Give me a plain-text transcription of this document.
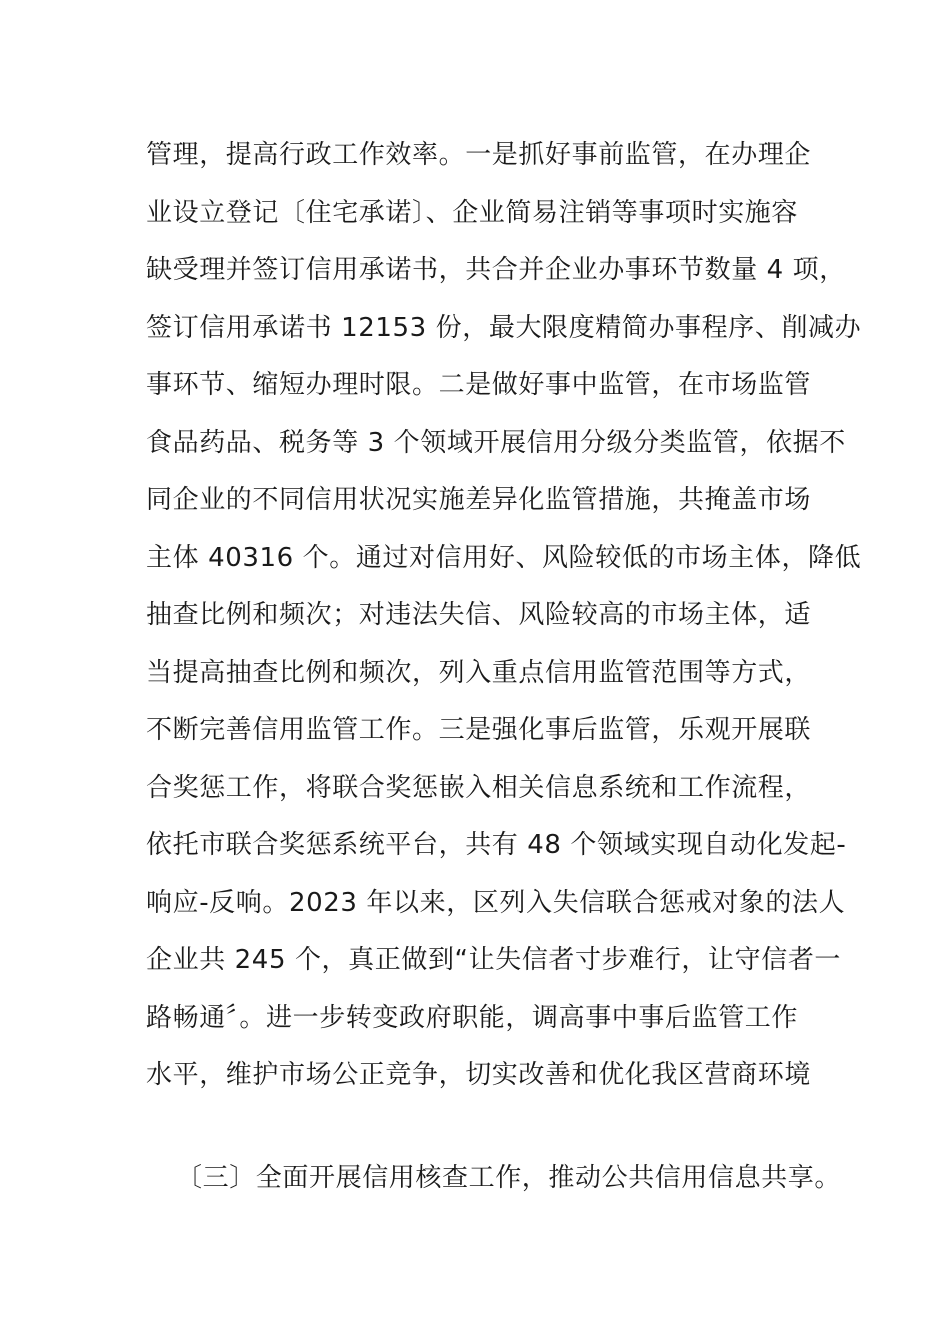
管理，提高行政工作效率。一是抓好事前监管，在办理企
业设立登记〔住宅承诺〕、企业简易注销等事项时实施容
缺受理并签订信用承诺书，共合并企业办事环节数量 4 项，
签订信用承诺书 12153 份，最大限度精简办事程序、削减办
事环节、缩短办理时限。二是做好事中监管，在市场监管
食品药品、税务等 3 个领域开展信用分级分类监管，依据不
同企业的不同信用状况实施差异化监管措施，共掩盖市场
主体 40316 个。通过对信用好、风险较低的市场主体，降低
抽查比例和频次；对违法失信、风险较高的市场主体，适
当提高抽查比例和频次，列入重点信用监管范围等方式，
不断完善信用监管工作。三是强化事后监管，乐观开展联
合奖惩工作，将联合奖惩嵌入相关信息系统和工作流程，
依托市联合奖惩系统平台，共有 48 个领域实现自动化发起-
响应-反响。2023 年以来，区列入失信联合惩戒对象的法人
企业共 245 个，真正做到“让失信者寸步难行，让守信者一
路畅通〞。进一步转变政府职能，调高事中事后监管工作
水平，维护市场公正竞争，切实改善和优化我区营商环境
〔三〕全面开展信用核查工作，推动公共信用信息共享。
